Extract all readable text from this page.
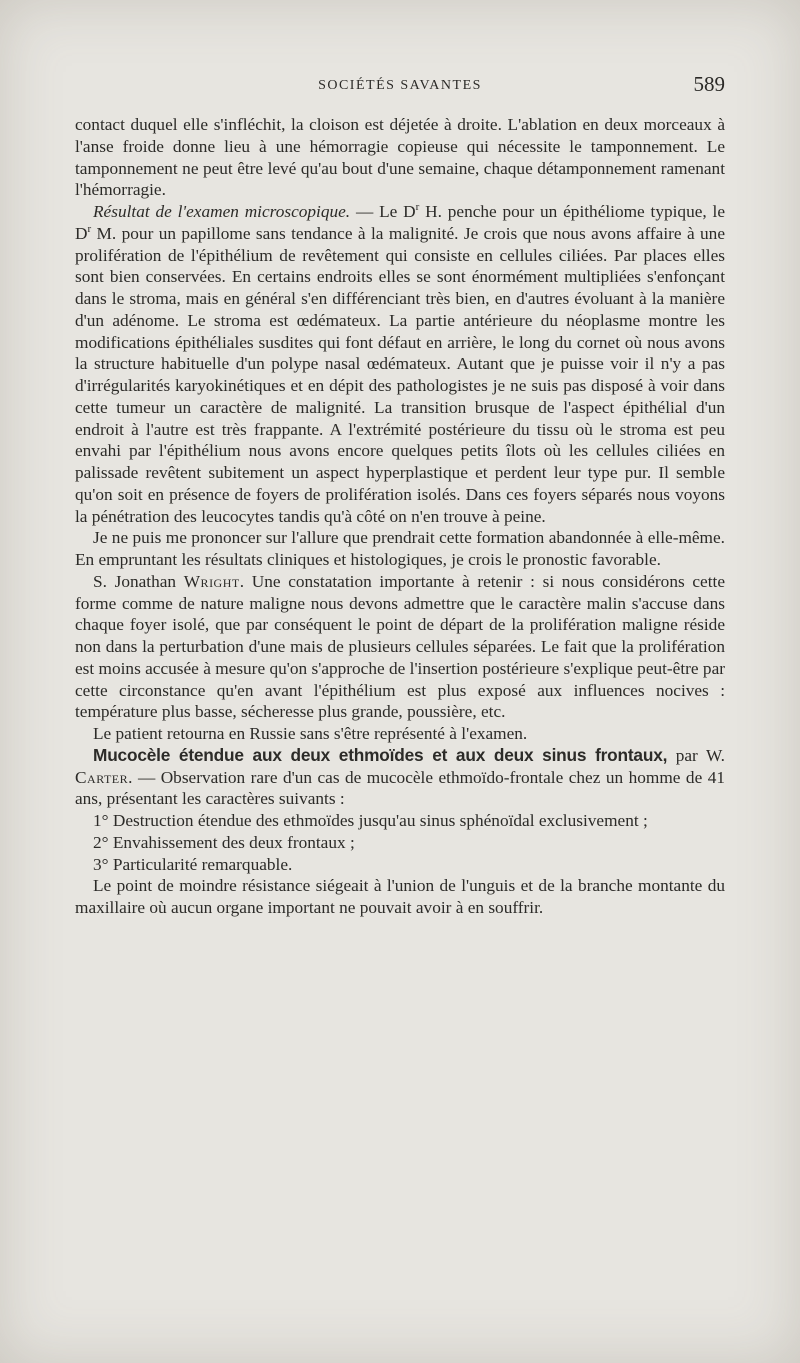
SOCIÉTÉS SAVANTES	589

contact duquel elle s'infléchit, la cloison est déjetée à droite. L'ablation en deux morceaux à l'anse froide donne lieu à une hémorragie copieuse qui nécessite le tamponnement. Le tamponnement ne peut être levé qu'au bout d'une semaine, chaque détamponnement ramenant l'hémorragie.

Résultat de l'examen microscopique. — Le $D^r$ H. penche pour un épithéliome typique, le $D^r$ M. pour un papillome sans tendance à la malignité. Je crois que nous avons affaire à une prolifération de l'épithélium de revêtement qui consiste en cellules ciliées. Par places elles sont bien conservées. En certains endroits elles se sont énormément multipliées s'enfonçant dans le stroma, mais en général s'en différenciant très bien, en d'autres évoluant à la manière d'un adénome. Le stroma est œdémateux. La partie antérieure du néoplasme montre les modifications épithéliales susdites qui font défaut en arrière, le long du cornet où nous avons la structure habituelle d'un polype nasal œdémateux. Autant que je puisse voir il n'y a pas d'irrégularités karyokinétiques et en dépit des pathologistes je ne suis pas disposé à voir dans cette tumeur un caractère de malignité. La transition brusque de l'aspect épithélial d'un endroit à l'autre est très frappante. A l'extrémité postérieure du tissu où le stroma est peu envahi par l'épithélium nous avons encore quelques petits îlots où les cellules ciliées en palissade revêtent subitement un aspect hyperplastique et perdent leur type pur. Il semble qu'on soit en présence de foyers de prolifération isolés. Dans ces foyers séparés nous voyons la pénétration des leucocytes tandis qu'à côté on n'en trouve à peine.

Je ne puis me prononcer sur l'allure que prendrait cette formation abandonnée à elle-même. En empruntant les résultats cliniques et histologiques, je crois le pronostic favorable.

S. Jonathan Wright. Une constatation importante à retenir : si nous considérons cette forme comme de nature maligne nous devons admettre que le caractère malin s'accuse dans chaque foyer isolé, que par conséquent le point de départ de la prolifération maligne réside non dans la perturbation d'une mais de plusieurs cellules séparées. Le fait que la prolifération est moins accusée à mesure qu'on s'approche de l'insertion postérieure s'explique peut-être par cette circonstance qu'en avant l'épithélium est plus exposé aux influences nocives : température plus basse, sécheresse plus grande, poussière, etc.

Le patient retourna en Russie sans s'être représenté à l'examen.

Mucocèle étendue aux deux ethmoïdes et aux deux sinus frontaux, par W. Carter. — Observation rare d'un cas de mucocèle ethmoïdo-frontale chez un homme de 41 ans, présentant les caractères suivants :

1° Destruction étendue des ethmoïdes jusqu'au sinus sphénoïdal exclusivement ;

2° Envahissement des deux frontaux ;

3° Particularité remarquable.

Le point de moindre résistance siégeait à l'union de l'unguis et de la branche montante du maxillaire où aucun organe important ne pouvait avoir à en souffrir.
